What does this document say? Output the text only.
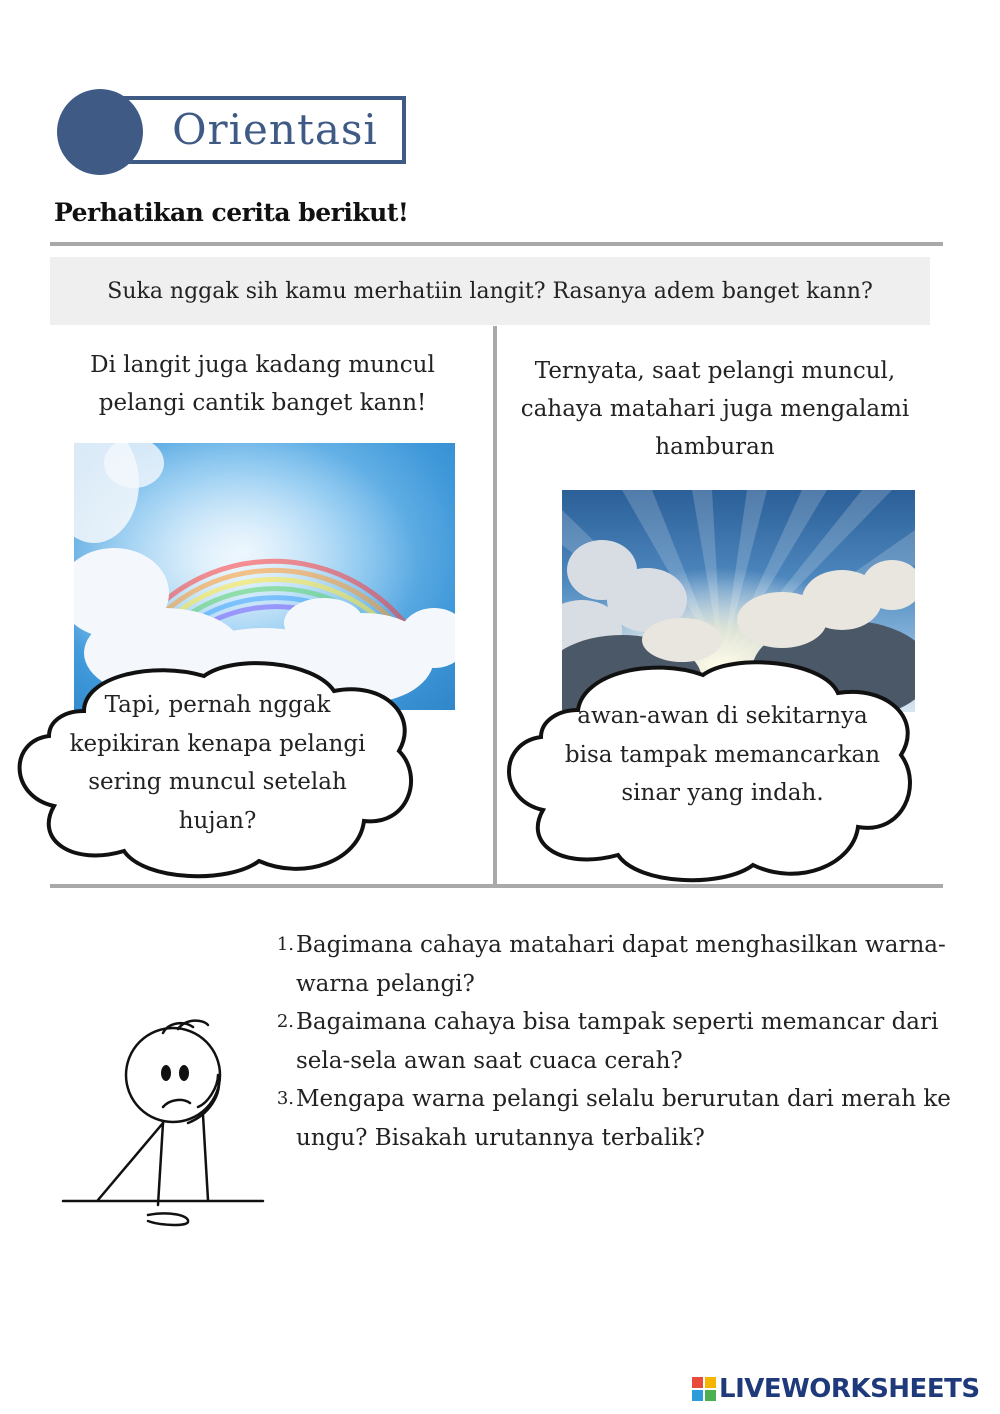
Orientasi
Perhatikan cerita berikut!
Suka nggak sih kamu merhatiin langit? Rasanya adem banget kann?
Di langit juga kadang muncul pelangi cantik banget kann!
Tapi, pernah nggak kepikiran kenapa pelangi sering muncul setelah hujan?
Ternyata, saat pelangi muncul, cahaya matahari juga mengalami hamburan
awan-awan di sekitarnya bisa tampak memancarkan sinar yang indah.
1. Bagimana cahaya matahari dapat menghasilkan warna-warna pelangi?
2. Bagaimana cahaya bisa tampak seperti memancar dari sela-sela awan saat cuaca cerah?
3. Mengapa warna pelangi selalu berurutan dari merah ke ungu? Bisakah urutannya terbalik?
LIVEWORKSHEETS
